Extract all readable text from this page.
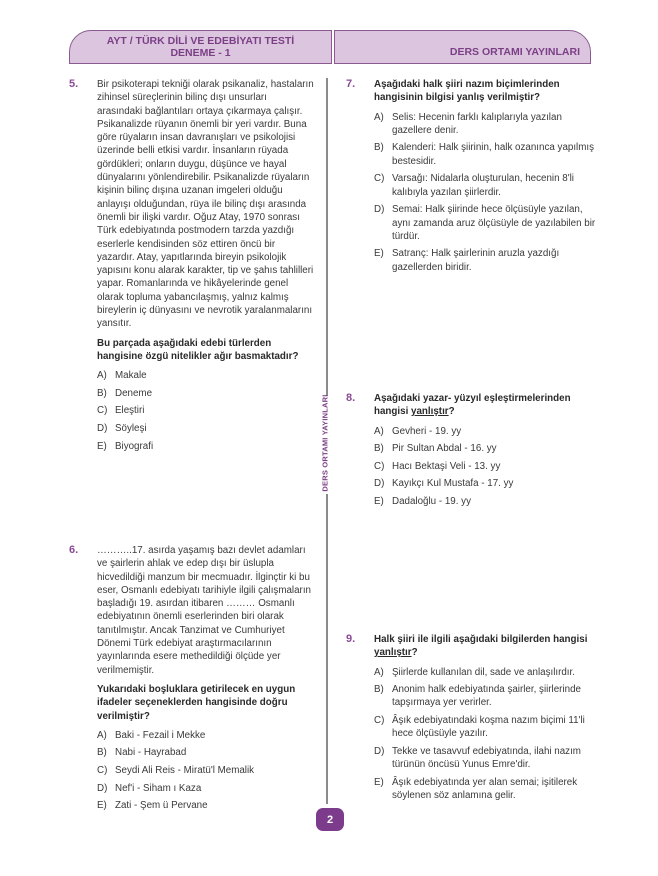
AYT / TÜRK DİLİ VE EDEBİYATI TESTİ
DENEME - 1	DERS ORTAMI YAYINLARI
DERS ORTAMI YAYINLARI
5. Bir psikoterapi tekniği olarak psikanaliz, hastaların zihinsel süreçlerinin bilinç dışı unsurları arasındaki bağlantıları ortaya çıkarmaya çalışır. Psikanalizde rüyanın önemli bir yeri vardır. Buna göre rüyaların insan davranışları ve psikolojisi üzerinde belli etkisi vardır. İnsanların rüyada gördükleri; onların duygu, düşünce ve hayal dünyalarını yönlendirebilir. Psikanalizde rüyaların kişinin bilinç dışına uzanan imgeleri olduğu anlayışı olduğundan, rüya ile bilinç dışı arasında önemli bir ilişki vardır. Oğuz Atay, 1970 sonrası Türk edebiyatında postmodern tarzda yazdığı eserlerle kendisinden söz ettiren öncü bir yazardır. Atay, yapıtlarında bireyin psikolojik yapısını konu alarak karakter, tip ve şahıs tahlilleri yapar. Romanlarında ve hikâyelerinde genel olarak topluma yabancılaşmış, yalnız kalmış bireylerin iç dünyasını ve nevrotik yaralanmalarını yansıtır.
Bu parçada aşağıdaki edebi türlerden hangisine özgü nitelikler ağır basmaktadır?
A) Makale
B) Deneme
C) Eleştiri
D) Söyleşi
E) Biyografi
6. ………..17. asırda yaşamış bazı devlet adamları ve şairlerin ahlak ve edep dışı bir üslupla hicvedildiği manzum bir mecmuadır. İlginçtir ki bu eser, Osmanlı edebiyatı tarihiyle ilgili çalışmaların başladığı 19. asırdan itibaren ……… Osmanlı edebiyatının önemli eserlerinden biri olarak tanıtılmıştır. Ancak Tanzimat ve Cumhuriyet Dönemi Türk edebiyat araştırmacılarının yayınlarında esere methedildiği ölçüde yer verilmemiştir.
Yukarıdaki boşluklara getirilecek en uygun ifadeler seçeneklerden hangisinde doğru verilmiştir?
A) Baki - Fezail i Mekke
B) Nabi - Hayrabad
C) Seydi Ali Reis - Miratü'l Memalik
D) Nef'i - Siham ı Kaza
E) Zati - Şem ü Pervane
7. Aşağıdaki halk şiiri nazım biçimlerinden hangisinin bilgisi yanlış verilmiştir?
A) Selis: Hecenin farklı kalıplarıyla yazılan gazellere denir.
B) Kalenderi: Halk şiirinin, halk ozanınca yapılmış bestesidir.
C) Varsağı: Nidalarla oluşturulan, hecenin 8'li kalıbıyla yazılan şiirlerdir.
D) Semai: Halk şiirinde hece ölçüsüyle yazılan, aynı zamanda aruz ölçüsüyle de yazılabilen bir türdür.
E) Satranç: Halk şairlerinin aruzla yazdığı gazellerden biridir.
8. Aşağıdaki yazar- yüzyıl eşleştirmelerinden hangisi yanlıştır?
A) Gevheri - 19. yy
B) Pir Sultan Abdal - 16. yy
C) Hacı Bektaşi Veli - 13. yy
D) Kayıkçı Kul Mustafa - 17. yy
E) Dadaloğlu - 19. yy
9. Halk şiiri ile ilgili aşağıdaki bilgilerden hangisi yanlıştır?
A) Şiirlerde kullanılan dil, sade ve anlaşılırdır.
B) Anonim halk edebiyatında şairler, şiirlerinde tapşırmaya yer verirler.
C) Âşık edebiyatındaki koşma nazım biçimi 11'li hece ölçüsüyle yazılır.
D) Tekke ve tasavvuf edebiyatında, ilahi nazım türünün öncüsü Yunus Emre'dir.
E) Âşık edebiyatında yer alan semai; işitilerek söylenen söz anlamına gelir.
2
